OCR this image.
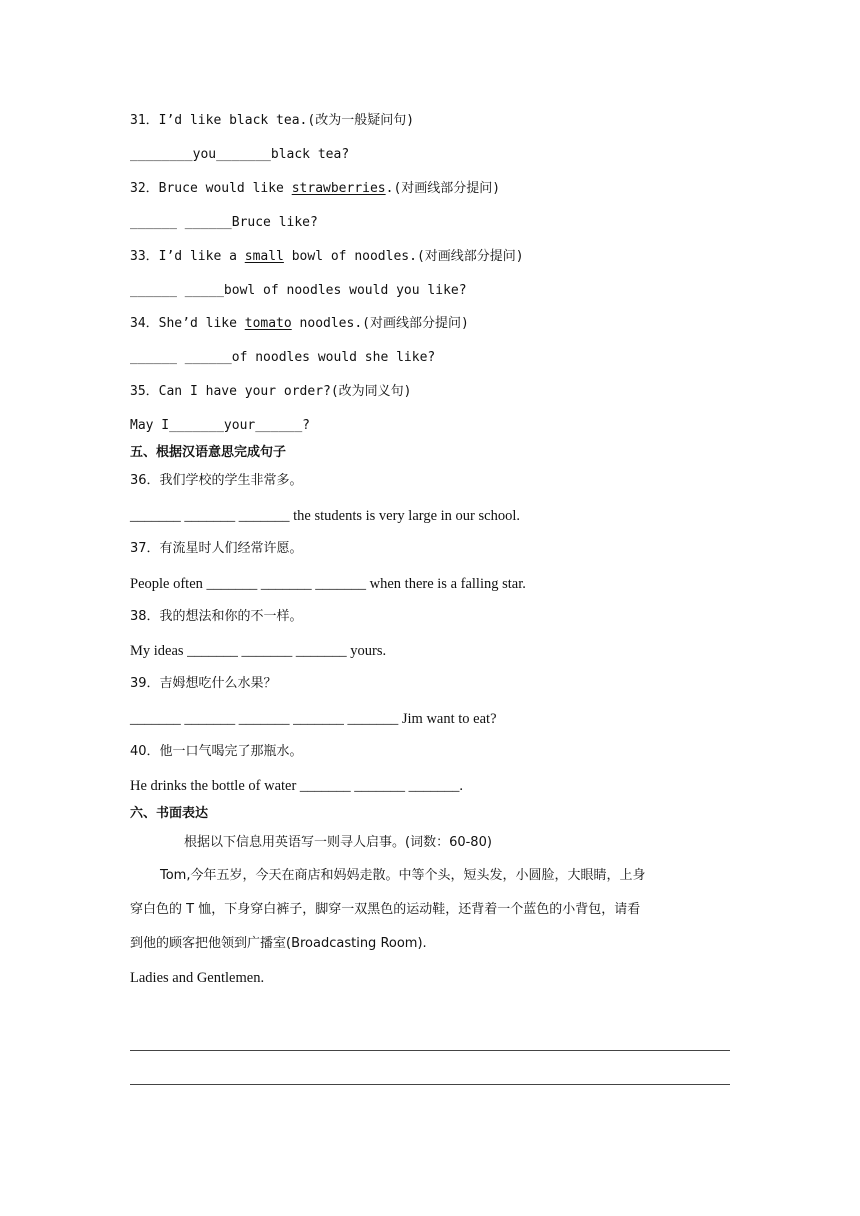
31．I’d like black tea.(改为一般疑问句)
________you_______black tea?
32．Bruce would like strawberries.(对画线部分提问)
______ ______Bruce like?
33．I’d like a small bowl of noodles.(对画线部分提问)
______ _____bowl of noodles would you like?
34．She’d like tomato noodles.(对画线部分提问)
______ ______of noodles would she like?
35．Can I have your order?(改为同义句)
May I_______your______?
五、根据汉语意思完成句子
36．我们学校的学生非常多。
_______ _______ _______ the students is very large in our school.
37．有流星时人们经常许愿。
People often _______ _______ _______ when there is a falling star.
38．我的想法和你的不一样。
My ideas _______ _______ _______ yours.
39．吉姆想吃什么水果？
_______ _______ _______ _______ _______ Jim want to eat?
40．他一口气喝完了那瓶水。
He drinks the bottle of water _______ _______ _______.
六、书面表达
根据以下信息用英语写一则寻人启事。(词数：60-80)
Tom,今年五岁，今天在商店和妈妈走散。中等个头，短头发，小圆脸，大眼睛，上身
穿白色的 T 恤，下身穿白裤子，脚穿一双黑色的运动鞋，还背着一个蓝色的小背包，请看
到他的顾客把他领到广播室(Broadcasting Room).
Ladies and Gentlemen.
